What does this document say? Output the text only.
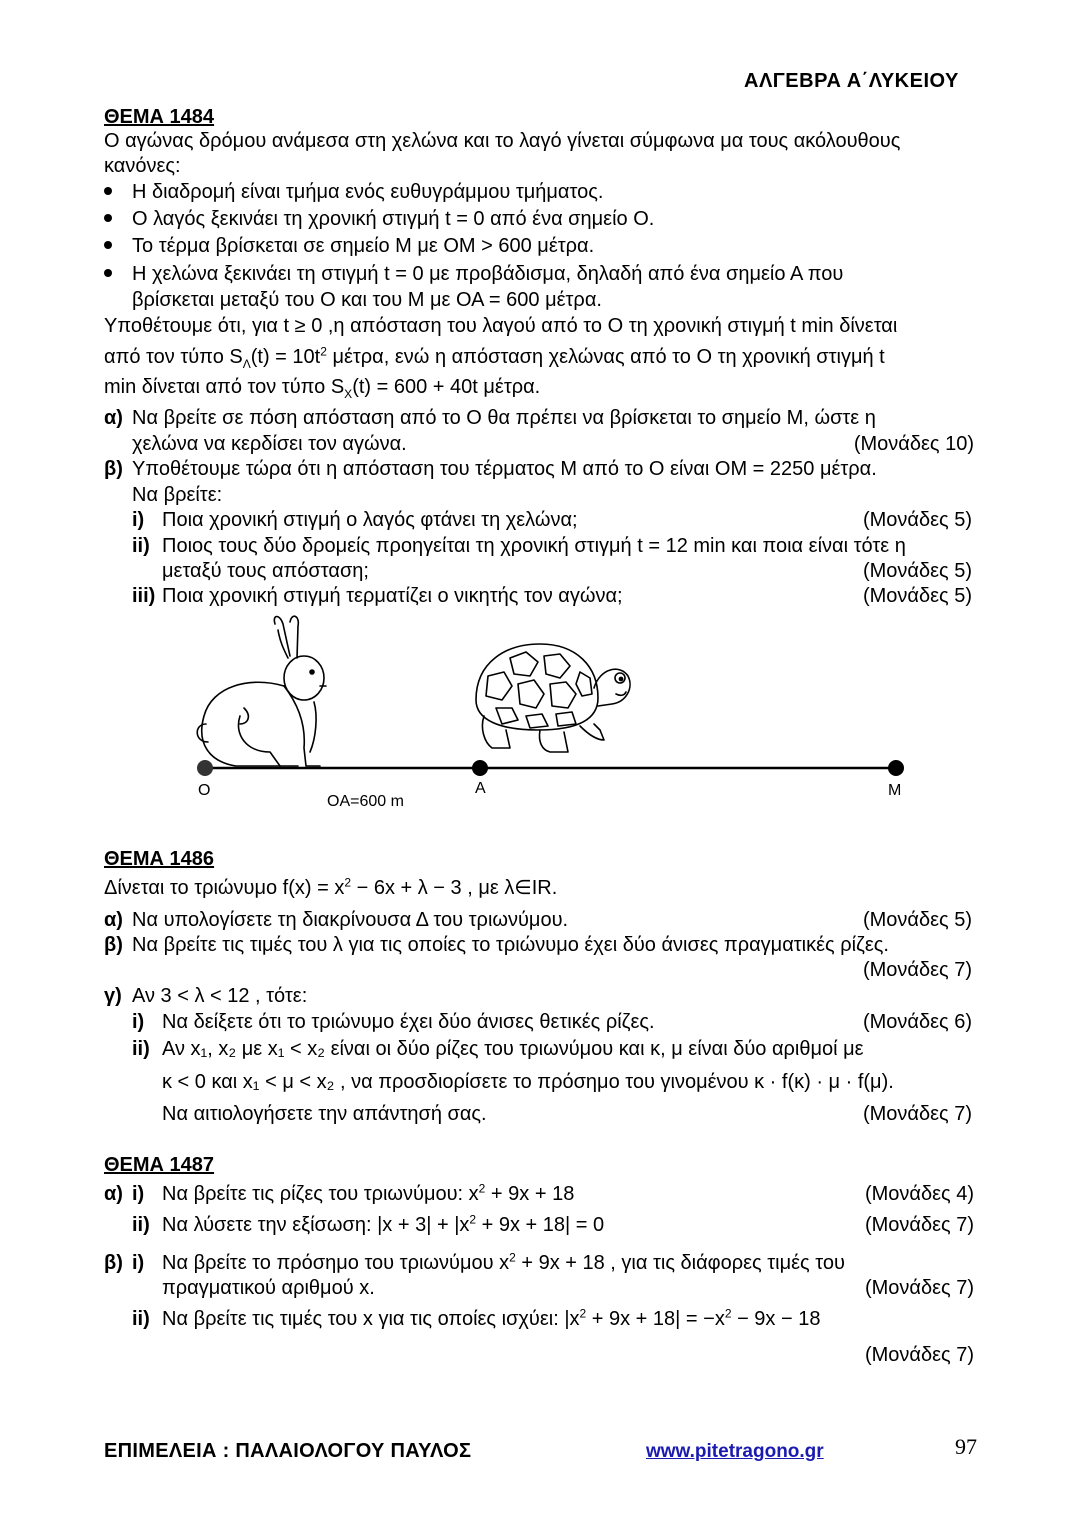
ΑΛΓΕΒΡΑ Α΄ΛΥΚΕΙΟΥ
ΘΕΜΑ 1484
Ο αγώνας δρόμου ανάμεσα στη χελώνα και το λαγό γίνεται σύμφωνα μα τους ακόλουθους
κανόνες:
Η διαδρομή είναι τμήμα ενός ευθυγράμμου τμήματος.
Ο λαγός ξεκινάει τη χρονική στιγμή t = 0 από ένα σημείο Ο.
Το τέρμα βρίσκεται σε σημείο Μ με ΟΜ > 600 μέτρα.
Η χελώνα ξεκινάει τη στιγμή t = 0 με προβάδισμα, δηλαδή από ένα σημείο Α που
βρίσκεται μεταξύ του Ο και του Μ με ΟΑ = 600 μέτρα.
Υποθέτουμε ότι, για t ≥ 0 ,η απόσταση του λαγού από το Ο τη χρονική στιγμή t min δίνεται
από τον τύπο $S_\Lambda(t) = 10t^2$ μέτρα, ενώ η απόσταση χελώνας από το Ο τη χρονική στιγμή t
min δίνεται από τον τύπο $S_X(t) = 600 + 40t$ μέτρα.
α) Να βρείτε σε πόση απόσταση από το Ο θα πρέπει να βρίσκεται το σημείο Μ, ώστε η
χελώνα να κερδίσει τον αγώνα.	(Μονάδες 10)
β) Υποθέτουμε τώρα ότι η απόσταση του τέρματος Μ από το Ο είναι ΟΜ = 2250 μέτρα.
Να βρείτε:
i) Ποια χρονική στιγμή ο λαγός φτάνει τη χελώνα;	(Μονάδες 5)
ii) Ποιος τους δύο δρομείς προηγείται τη χρονική στιγμή t = 12 min και ποια είναι τότε η
μεταξύ τους απόσταση;	(Μονάδες 5)
iii) Ποια χρονική στιγμή τερματίζει ο νικητής τον αγώνα;	(Μονάδες 5)
O	A	M
OA=600 m
ΘΕΜΑ 1486
Δίνεται το τριώνυμο $f(x) = x^2 - 6x + \lambda - 3$ , με λ∈IR.
α) Να υπολογίσετε τη διακρίνουσα Δ του τριωνύμου.	(Μονάδες 5)
β) Να βρείτε τις τιμές του λ για τις οποίες το τριώνυμο έχει δύο άνισες πραγματικές ρίζες.
(Μονάδες 7)
γ) Αν 3 < λ < 12 , τότε:
i) Να δείξετε ότι το τριώνυμο έχει δύο άνισες θετικές ρίζες.	(Μονάδες 6)
ii) Αν x₁, x₂ με x₁ < x₂ είναι οι δύο ρίζες του τριωνύμου και κ, μ είναι δύο αριθμοί με
κ < 0 και x₁ < μ < x₂ , να προσδιορίσετε το πρόσημο του γινομένου κ · f(κ) · μ · f(μ).
Να αιτιολογήσετε την απάντησή σας.	(Μονάδες 7)
ΘΕΜΑ 1487
α) i) Να βρείτε τις ρίζες του τριωνύμου: $x^2 + 9x + 18$	(Μονάδες 4)
ii) Να λύσετε την εξίσωση: $|x + 3| + |x^2 + 9x + 18| = 0$	(Μονάδες 7)
β) i) Να βρείτε το πρόσημο του τριωνύμου $x^2 + 9x + 18$ , για τις διάφορες τιμές του
πραγματικού αριθμού x.	(Μονάδες 7)
ii) Να βρείτε τις τιμές του x για τις οποίες ισχύει: $|x^2 + 9x + 18| = -x^2 - 9x - 18$
(Μονάδες 7)
ΕΠΙΜΕΛΕΙΑ : ΠΑΛΑΙΟΛΟΓΟΥ ΠΑΥΛΟΣ	www.pitetragono.gr	97
